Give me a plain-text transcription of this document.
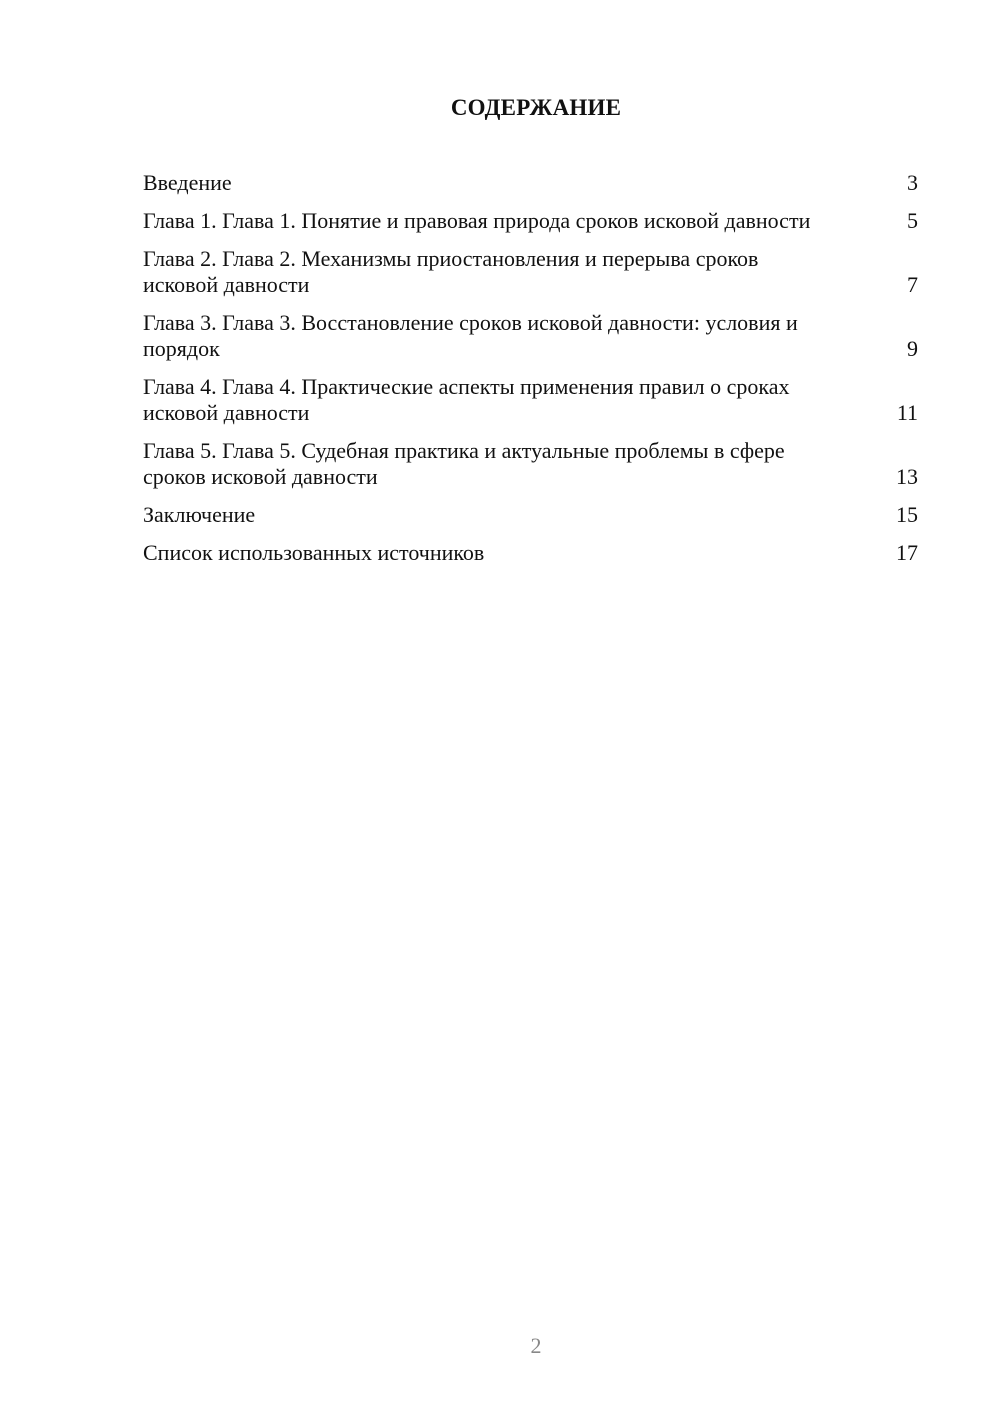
СОДЕРЖАНИЕ
Введение	3
Глава 1. Глава 1. Понятие и правовая природа сроков исковой давности	5
Глава 2. Глава 2. Механизмы приостановления и перерыва сроков исковой давности	7
Глава 3. Глава 3. Восстановление сроков исковой давности: условия и порядок	9
Глава 4. Глава 4. Практические аспекты применения правил о сроках исковой давности	11
Глава 5. Глава 5. Судебная практика и актуальные проблемы в сфере сроков исковой давности	13
Заключение	15
Список использованных источников	17
2
